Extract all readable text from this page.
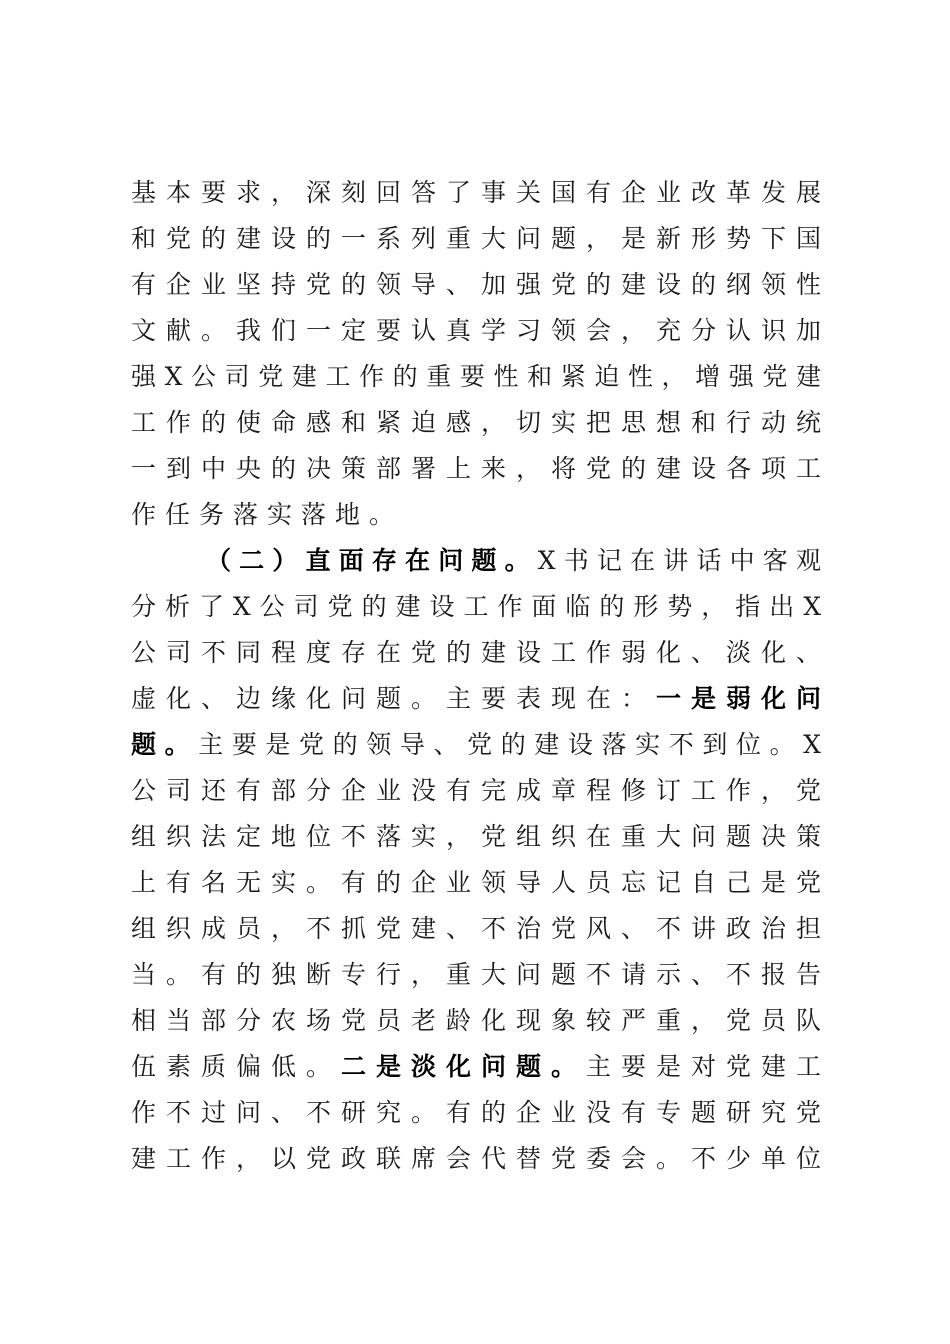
基本要求，深刻回答了事关国有企业改革发展
和党的建设的一系列重大问题，是新形势下国
有企业坚持党的领导、加强党的建设的纲领性
文献。我们一定要认真学习领会，充分认识加
强X公司党建工作的重要性和紧迫性，增强党建
工作的使命感和紧迫感，切实把思想和行动统
一到中央的决策部署上来，将党的建设各项工
作任务落实落地。
（二）直面存在问题。X书记在讲话中客观
分析了X公司党的建设工作面临的形势，指出X
公司不同程度存在党的建设工作弱化、淡化、
虚化、边缘化问题。主要表现在：一是弱化问
题。主要是党的领导、党的建设落实不到位。X
公司还有部分企业没有完成章程修订工作，党
组织法定地位不落实，党组织在重大问题决策
上有名无实。有的企业领导人员忘记自己是党
组织成员，不抓党建、不治党风、不讲政治担
当。有的独断专行，重大问题不请示、不报告
相当部分农场党员老龄化现象较严重，党员队
伍素质偏低。二是淡化问题。主要是对党建工
作不过问、不研究。有的企业没有专题研究党
建工作，以党政联席会代替党委会。不少单位
